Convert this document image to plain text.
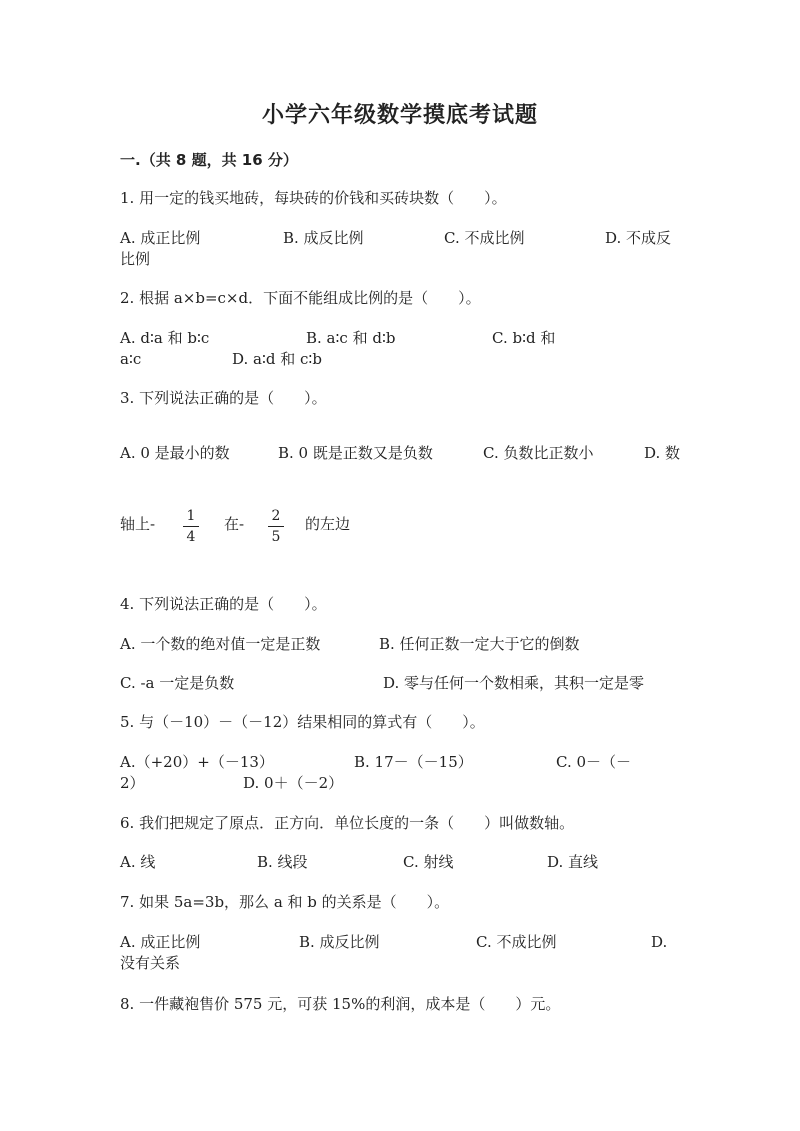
小学六年级数学摸底考试题
一.（共 8 题，共 16 分）
1. 用一定的钱买地砖，每块砖的价钱和买砖块数（　　）。
A. 成正比例	B. 成反比例	C. 不成比例	D. 不成反
比例
2. 根据 a×b=c×d．下面不能组成比例的是（　　）。
A. d∶a 和 b∶c	B. a∶c 和 d∶b	C. b∶d 和
a∶c	D. a∶d 和 c∶b
3. 下列说法正确的是（　　）。
A. 0 是最小的数	B. 0 既是正数又是负数	C. 负数比正数小	D. 数
轴上-	1
4
在-	2
5
的左边
4. 下列说法正确的是（　　）。
A. 一个数的绝对值一定是正数	B. 任何正数一定大于它的倒数
C. -a 一定是负数	D. 零与任何一个数相乘，其积一定是零
5. 与（－10）－（－12）结果相同的算式有（　　）。
A.（+20）+（－13）	B. 17－（－15）	C. 0－（－
2）	D. 0＋（－2）
6. 我们把规定了原点．正方向．单位长度的一条（　　）叫做数轴。
A. 线	B. 线段	C. 射线	D. 直线
7. 如果 5a=3b，那么 a 和 b 的关系是（　　）。
A. 成正比例	B. 成反比例	C. 不成比例	D.
没有关系
8. 一件藏袍售价 575 元，可获 15%的利润，成本是（　　）元。
